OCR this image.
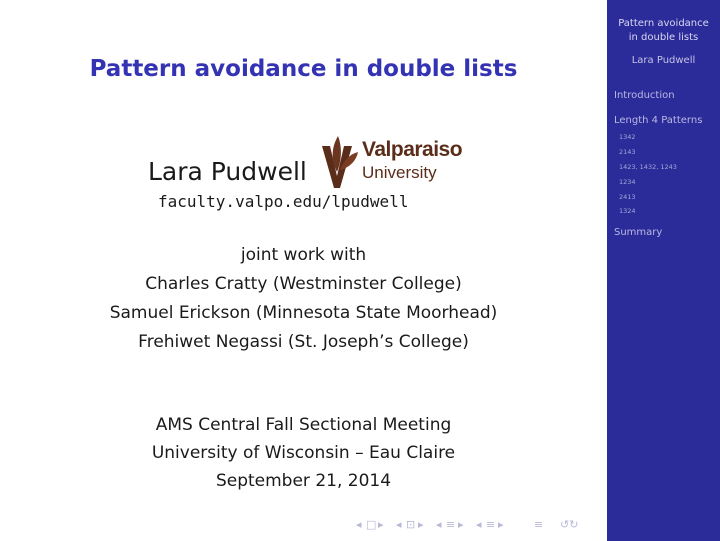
Pattern avoidance in double lists
Lara Pudwell
Valparaiso
University
faculty.valpo.edu/lpudwell
joint work with
Charles Cratty (Westminster College)
Samuel Erickson (Minnesota State Moorhead)
Frehiwet Negassi (St. Joseph’s College)
AMS Central Fall Sectional Meeting
University of Wisconsin – Eau Claire
September 21, 2014
◂ □ ▸ ◂ ⊡ ▸ ◂ ≡ ▸ ◂ ≡ ▸	≡ ↺↻
Pattern avoidance
in double lists
Lara Pudwell
Introduction
Length 4 Patterns
1342
2143
1423, 1432, 1243
1234
2413
1324
Summary
